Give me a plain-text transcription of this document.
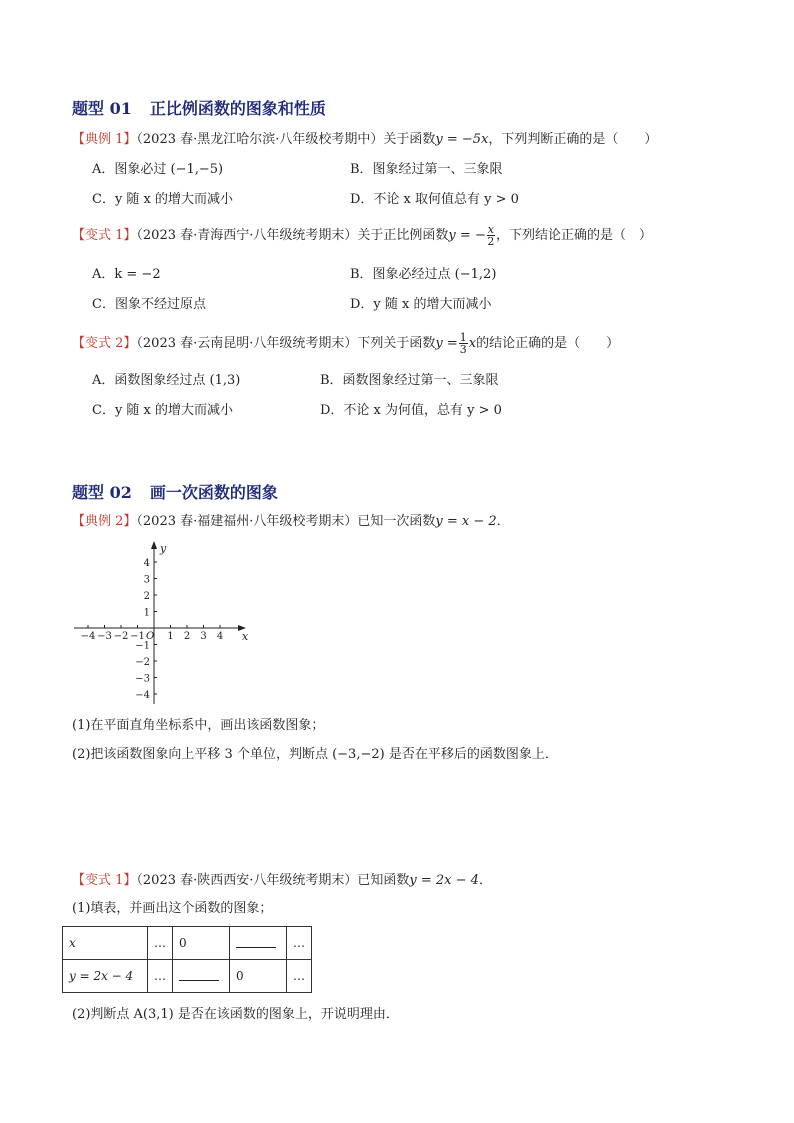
题型 01 正比例函数的图象和性质
【典例 1】（2023 春·黑龙江哈尔滨·八年级校考期中）关于函数y = −5x，下列判断正确的是（　　）
A．图象必过 (−1,−5)	B．图象经过第一、三象限
C．y 随 x 的增大而减小	D．不论 x 取何值总有 y > 0
【变式 1】（2023 春·青海西宁·八年级统考期末）关于正比例函数y = − $\frac{x}{2}$ ，下列结论正确的是（　）
A．k = −2	B．图象必经过点 (−1,2)
C．图象不经过原点	D．y 随 x 的增大而减小
【变式 2】（2023 春·云南昆明·八年级统考期末）下列关于函数$y = \frac{1}{3}$ x的结论正确的是（　　）
A．函数图象经过点 (1,3)	B．函数图象经过第一、三象限
C．y 随 x 的增大而减小	D．不论 x 为何值，总有 y > 0
题型 02 画一次函数的图象
【典例 2】（2023 春·福建福州·八年级校考期末）已知一次函数y = x − 2．
−4 −3 −2 −1 1 2 3 4
4
3
2
1
−1
−2
−3
−4
x
y
O
(1)在平面直角坐标系中，画出该函数图象；
(2)把该函数图象向上平移 3 个单位，判断点 (−3,−2) 是否在平移后的函数图象上．
【变式 1】（2023 春·陕西西安·八年级统考期末）已知函数y = 2x − 4．
(1)填表，并画出这个函数的图象；
x	…	0		…
y = 2x − 4	…		0	…
(2)判断点 A(3,1) 是否在该函数的图象上，开说明理由．
